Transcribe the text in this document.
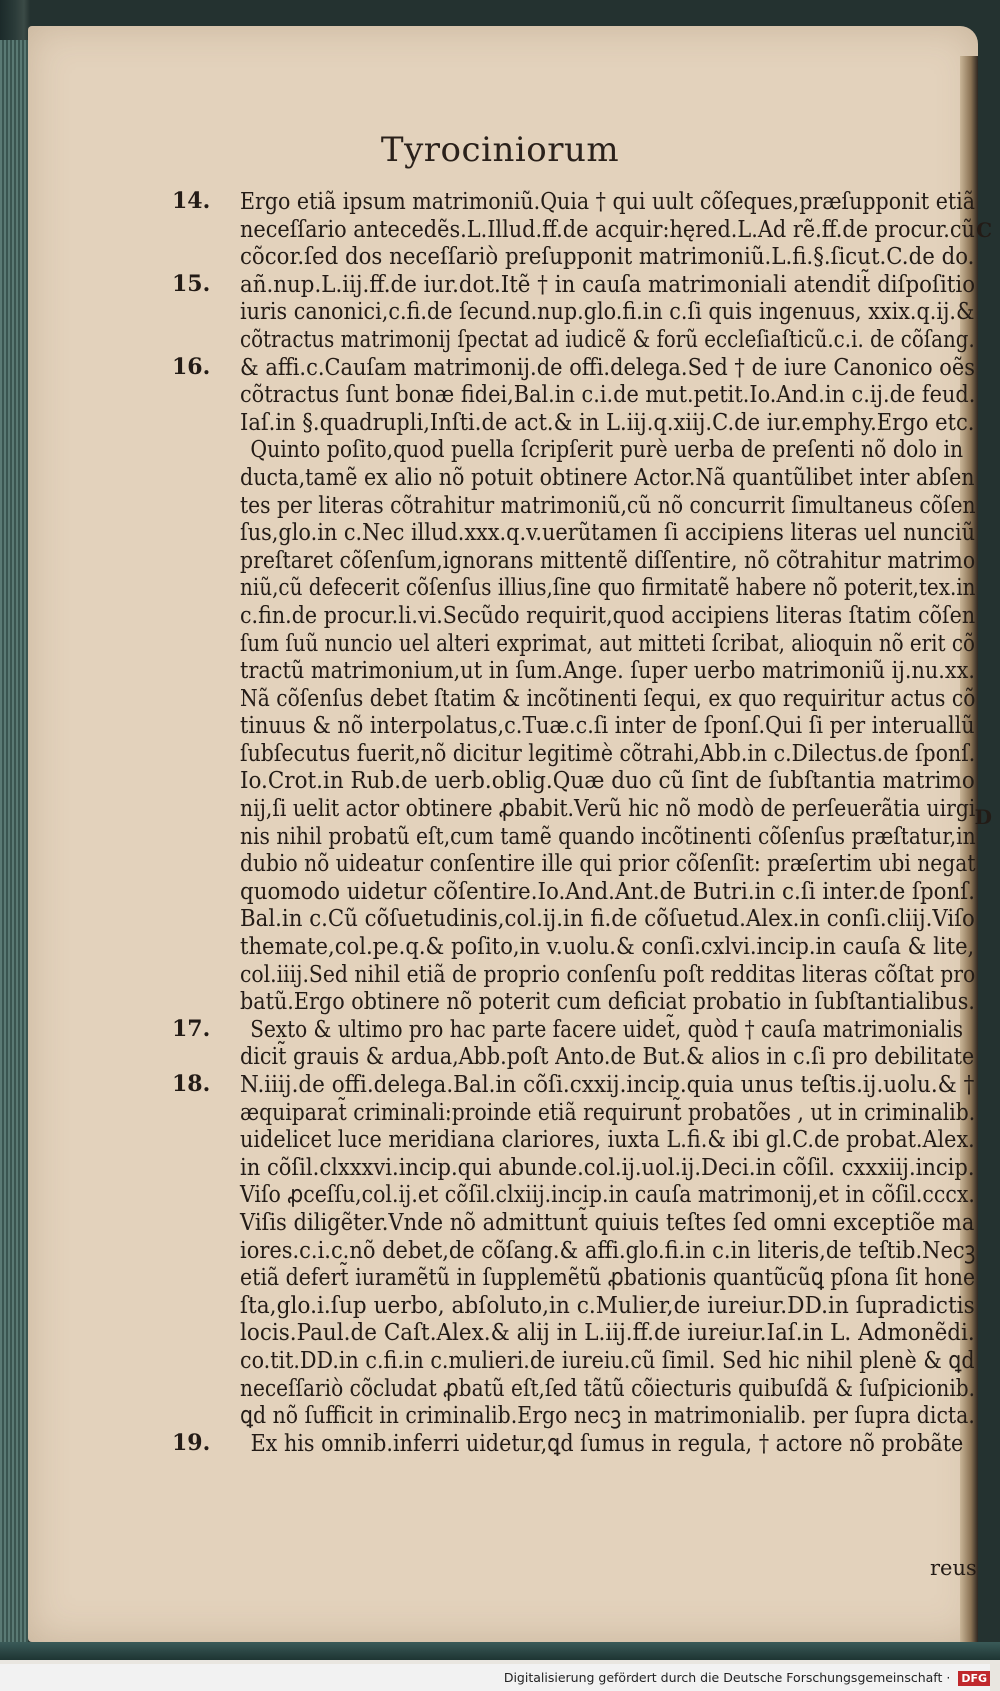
Tyrociniorum
14.
15.
16.
17.
18.
19.
Ergo etiã ipsum matrimoniũ.Quia † qui uult cõſeques,præſupponit etiã
neceſſario antecedẽs.L.Illud.ff.de acquir:hęred.L.Ad rẽ.ff.de procur.cũ
cõcor.ſed dos neceſſariò preſupponit matrimoniũ.L.fi.§.ſicut.C.de do.
añ.nup.L.iij.ff.de iur.dot.Itẽ † in cauſa matrimoniali atendit̃ diſpoſitio
iuris canonici,c.fi.de ſecund.nup.glo.fi.in c.ſi quis ingenuus, xxix.q.ij.&
cõtractus matrimonij ſpectat ad iudicẽ & forũ eccleſiaſticũ.c.i. de cõſang.
& affi.c.Cauſam matrimonij.de offi.delega.Sed † de iure Canonico oẽs
cõtractus ſunt bonæ fidei,Bal.in c.i.de mut.petit.Io.And.in c.ij.de feud.
Iaſ.in §.quadrupli,Inſti.de act.& in L.iij.q.xiij.C.de iur.emphy.Ergo etc.
Quinto poſito,quod puella ſcripſerit purè uerba de preſenti nõ dolo in
ducta,tamẽ ex alio nõ potuit obtinere Actor.Nã quantũlibet inter abſen
tes per literas cõtrahitur matrimoniũ,cũ nõ concurrit ſimultaneus cõſen
ſus,glo.in c.Nec illud.xxx.q.v.uerũtamen ſi accipiens literas uel nunciũ
preſtaret cõſenſum,ignorans mittentẽ diſſentire, nõ cõtrahitur matrimo
niũ,cũ defecerit cõſenſus illius,ſine quo firmitatẽ habere nõ poterit,tex.in
c.fin.de procur.li.vi.Secũdo requirit,quod accipiens literas ſtatim cõſen
ſum ſuũ nuncio uel alteri exprimat, aut mitteti ſcribat, alioquin nõ erit cõ
tractũ matrimonium,ut in ſum.Ange. ſuper uerbo matrimoniũ ij.nu.xx.
Nã cõſenſus debet ſtatim & incõtinenti ſequi, ex quo requiritur actus cõ
tinuus & nõ interpolatus,c.Tuæ.c.ſi inter de ſponſ.Qui ſi per interuallũ
ſubſecutus fuerit,nõ dicitur legitimè cõtrahi,Abb.in c.Dilectus.de ſponſ.
Io.Crot.in Rub.de uerb.oblig.Quæ duo cũ ſint de ſubſtantia matrimo
nij,ſi uelit actor obtinere ꝓbabit.Verũ hic nõ modò de perſeuerãtia uirgi
nis nihil probatũ eſt,cum tamẽ quando incõtinenti cõſenſus præſtatur,in
dubio nõ uideatur conſentire ille qui prior cõſenſit: præſertim ubi negat
quomodo uidetur cõſentire.Io.And.Ant.de Butri.in c.ſi inter.de ſponſ.
Bal.in c.Cũ cõſuetudinis,col.ij.in fi.de cõſuetud.Alex.in conſi.cliij.Viſo
themate,col.pe.q.& poſito,in v.uolu.& conſi.cxlvi.incip.in cauſa & lite,
col.iiij.Sed nihil etiã de proprio conſenſu poſt redditas literas cõſtat pro
batũ.Ergo obtinere nõ poterit cum deficiat probatio in ſubſtantialibus.
Sexto & ultimo pro hac parte facere uidet̃, quòd † cauſa matrimonialis
dicit̃ grauis & ardua,Abb.poſt Anto.de But.& alios in c.ſi pro debilitate
N.iiij.de offi.delega.Bal.in cõſi.cxxij.incip.quia unus teſtis.ij.uolu.& †
æquiparat̃ criminali:proinde etiã requirunt̃ probatões , ut in criminalib.
uidelicet luce meridiana clariores, iuxta L.fi.& ibi gl.C.de probat.Alex.
in cõſil.clxxxvi.incip.qui abunde.col.ij.uol.ij.Deci.in cõſil. cxxxiij.incip.
Viſo ꝓceſſu,col.ij.et cõſil.clxiij.incip.in cauſa matrimonij,et in cõſil.cccx.
Viſis diligẽter.Vnde nõ admittunt̃ quiuis teſtes ſed omni exceptiõe ma
iores.c.i.c.nõ debet,de cõſang.& affi.glo.fi.in c.in literis,de teſtib.Necꝫ
etiã defert̃ iuramẽtũ in ſupplemẽtũ ꝓbationis quantũcũꝗ pſona ſit hone
ſta,glo.i.ſup uerbo, abſoluto,in c.Mulier,de iureiur.DD.in ſupradictis
locis.Paul.de Caſt.Alex.& alij in L.iij.ff.de iureiur.Iaſ.in L. Admonẽdi.
co.tit.DD.in c.fi.in c.mulieri.de iureiu.cũ ſimil. Sed hic nihil plenè & ꝗd
neceſſariò cõcludat ꝓbatũ eſt,ſed tãtũ cõiecturis quibuſdã & ſuſpicionib.
ꝗd nõ ſufficit in criminalib.Ergo necꝫ in matrimonialib. per ſupra dicta.
Ex his omnib.inferri uidetur,ꝗd ſumus in regula, † actore nõ probãte
reus
C
D
Digitalisierung gefördert durch die Deutsche Forschungsgemeinschaft · DFG
